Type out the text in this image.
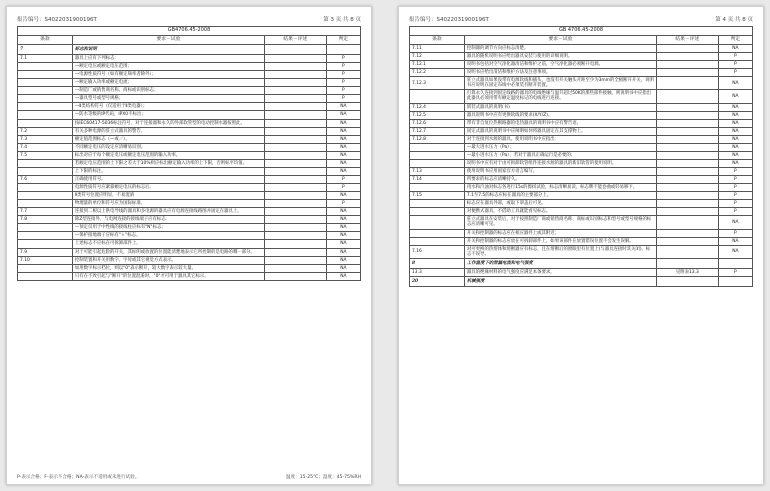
报告编号：S4022031900196T	第 3 页 共 8 页
GB4706.45-2008			
条款	要求－试验	结果－评述	判定
7	标志和说明		
7.1	器具上应有下列标志：		P
	—额定电压或额定电压范围；		P
	—电源性质符号（如有额定频率者除外）；		P
	—额定输入功率或额定电流；		P
	—制造厂或销售商名称、商标或识别标志；		P
	—器具型号或型号规格；		P
	—Ⅱ类结构符号（仅适用于Ⅱ类电器）；		NA
	—防水等级的IP代码，IPX0不标出；		NA
	按IEC60417-5036标注符号，对于连接器和永久的外部软管型的电动控制水器按照此，		NA
7.2	有关多种电源的驻立式器具的警告。		NA
7.3	额定值范围标志（—或／）。		NA
7.4	不同额定电压的设定应清晰易识别。		NA
7.5	标出对应于每个额定电压或额定电压范围的输入功率。		NA
	若额定电压范围的上下限之差大于10%则应标出额定输入功率的上下限，否则标平均值。		NA
	上下限的标注。		NA
7.6	正确使用符号。		P
	电源性质符号应紧靠额定电压的标志后。		P
	Ⅱ类符号位置应明显，不易混淆		NA
	物理量的单位和符号应为国际标准。		P
7.7	连接到二根以上供电导线的器具和多电源的器具应有电源连接线路图并固定在器具上。		NA
7.8	除Z型连接外，与电网连接的接线端子应有标志：		NA
	—预定仅用于中性线的接线柱应标有"N"标志；		NA
	—保护接地端子应标有"⏚"标志。		NA
	上述标志不应标在可拆卸部件上。		NA
7.9	对于可能引起危险的开关，其标明或放置的位置能清楚地表示它所控制的是电路的哪一部分。		NA
7.10	控制装置和开关用数字、字母或其它视觉方式表示。		NA
	如用数字标示档位，则以"0"表示断开，较大数字表示较大量。		NA
	只有在不致引起与"断开"的位置混淆时，"0"才可用于器具其它标示。		NA
P-表示合格；F-表示不合格；NA-表示不适用或未进行试验。	温度：15-25℃；湿度：45-75%RH
报告编号：S4022031900196T	第 4 页 共 8 页
GB 4706.45-2008			
条款	要求－试验	结果－评述	判定
7.11	控制器的调节方向应标志清楚。		NA
7.12	器具的随机说明书应给出器具安装与使用的详细说明。		P
7.12.1	说明书包括对空气净化器清洁和维护之前，空气净化器必须断开电源。		P
7.12.2	说明书应给出清洁和维护方法及注意事项。		P
7.12.3	驻立式器具如果没带有电源软线和插头，也没有开关触头开距至少为3mm的全极断开开关，说明书应说明在固定布线中必须装有断开装置。		NA
	打算永久连接到固定线路的器具的电线绝缘与温升超过50K的那些部件接触，则说明书中应指出此器具必须用带有额定温度标记的电线进行连接。		NA
7.12.4	嵌装式器具的说明(书)		NA
7.12.5	器具说明书中应有更换软线的要求(X/Y/Z)。		NA
7.12.6	带有非自复位热断路器的电热器具的说明书中应有警告语。		NA
7.12.7	固定式器具的说明书中应阐明如何将器具固定在其支撑物上。		NA
7.12.8	对于连接到水源的器具，使用说明书中应指出：		NA
	—最大进水压力（Pa）；		NA
	—最小进水压力（Pa），若对于器具正确运行是必要的；		NA
	说明书中应有对于由可拆卸软管组件连接水源的器具的新旧软管的使用说明。		NA
7.13	使用说明书应用国家官方语言编写。		P
7.14	所要求的标志应清晰持久。		P
	用水和汽油对标志各进行15s的擦拭试验，标志清晰易读，标志牌不能卷曲或轻易移下。		P
7.15	7.1至7.5的标志应标在器具的主要部分上。		P
	标志应在器具外部，或取下罩盖后可见。		P
	对便携式器具，不借助工具就能看见标志。		P
	驻立式器具在安装后，对于按照制造厂商或销售商名称、商标或识别标志和型号或型号规格的标志应清晰可见。		NA
	开关和控制器的标志应在相应器件上或其附近；		P
	开关和控制器的标志应放在可拆卸部件上，如果该部件在放置错误位置不会发生误解。		NA
7.16	对可更换的热熔体和熔断器应有标志，且在熔断后的窗眼里有位置上(与器具连接时其关闭)，标志不误导。		NA
8	工作温度下的泄漏电流和电气强度		
13.3	器具的绝缘材料的电气强度应满足本条要求。	见附表13.3	P
20	机械强度		
